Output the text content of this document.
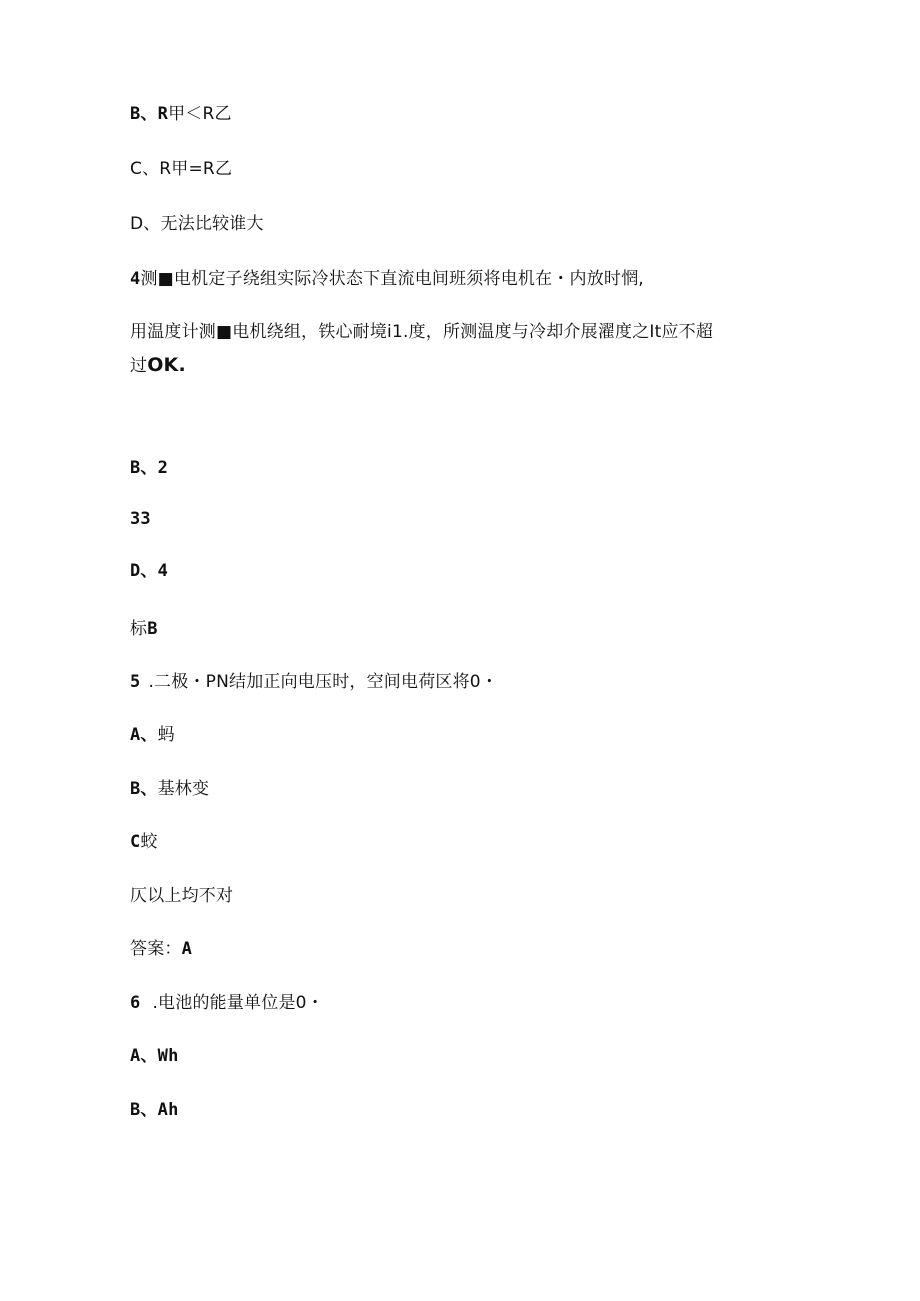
B、R甲＜R乙
C、R甲=R乙
D、无法比较谁大
4测■电机定子绕组实际冷状态下直流电间班须将电机在・内放时惘,
用温度计测■电机绕组，铁心耐境i1.度，所测温度与冷却介展濯度之It应不超
过OK.
B、2
33
D、4
标B
5 .二极・PN结加正向电压时，空间电荷区将0・
A、蚂
B、基林变
C蛟
仄以上均不对
答案：A
6 .电池的能量单位是0・
A、Wh
B、Ah
